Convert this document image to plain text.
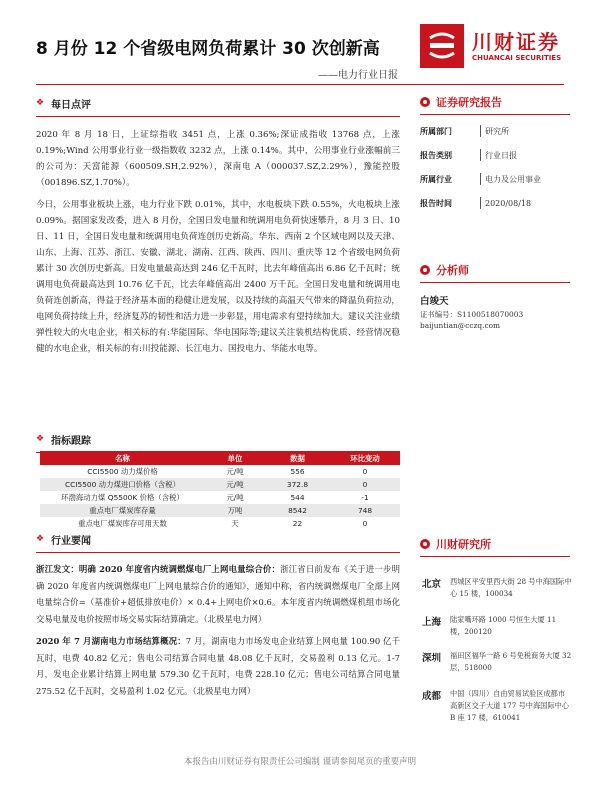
8 月份 12 个省级电网负荷累计 30 次创新高	川财证券
CHUANCAI SECURITIES
——电力行业日报
❖ 每日点评

2020 年 8 月 18 日，上证综指收 3451 点，上涨 0.36%;深证成指收 13768 点，上涨 0.19%;Wind 公用事业行业一级指数收 3232 点，上涨 0.14%。其中，公用事业行业涨幅前三的公司为：天富能源（600509.SH,2.92%），深南电 A（000037.SZ,2.29%），豫能控股（001896.SZ,1.70%）。

今日，公用事业板块上涨，电力行业下跌 0.01%，其中，水电板块下跌 0.55%，火电板块上涨 0.09%。据国家发改委，进入 8 月份，全国日发电量和统调用电负荷快速攀升，8 月 3 日、10 日、11 日，全国日发电量和统调用电负荷连创历史新高。华东、西南 2 个区域电网以及天津、山东、上海、江苏、浙江、安徽、湖北、湖南、江西、陕西、四川、重庆等 12 个省级电网负荷累计 30 次创历史新高。日发电量最高达到 246 亿千瓦时，比去年峰值高出 6.86 亿千瓦时；统调用电负荷最高达到 10.76 亿千瓦，比去年峰值高出 2400 万千瓦。全国日发电量和统调用电负荷连创新高，得益于经济基本面的稳健让进发展，以及持续的高温天气带来的降温负荷拉动，电网负荷持续上升，经济复苏的韧性和活力进一步彰显，用电需求有望持续加大。建议关注业绩弹性较大的火电企业，相关标的有:华能国际、华电国际等;建议关注装机结构优质、经营情况稳健的水电企业，相关标的有:川投能源、长江电力、国投电力、华能水电等。

❖ 指标跟踪
名称	单位	数据	环比变动
CCI5500 动力煤价格	元/吨	556	0
CCI5500 动力煤进口价格（含税）	元/吨	372.8	0
环渤海动力煤 Q5500K 价格（含税）	元/吨	544	-1
重点电厂煤炭库存量	万吨	8542	748
重点电厂煤炭库存可用天数	天	22	0
❖ 行业要闻

浙江发文：明确 2020 年度省内统调燃煤电厂上网电量综合价：浙江省日前发布《关于进一步明确 2020 年度省内统调燃煤电厂上网电量综合价的通知》，通知中称，省内统调燃煤电厂全部上网电量综合价=（基准价+超低排放电价）× 0.4+上网电价×0.6。本年度省内统调燃煤机组市场化交易电量及电价按照市场交易实际结算确定。（北极星电力网）

2020 年 7 月湖南电力市场结算概况：7 月，湖南电力市场发电企业结算上网电量 100.90 亿千瓦时，电费 40.82 亿元；售电公司结算合同电量 48.08 亿千瓦时，交易盈利 0.13 亿元。1-7 月，发电企业累计结算上网电量 579.30 亿千瓦时，电费 228.10 亿元；售电公司结算合同电量 275.52 亿千瓦时，交易盈利 1.02 亿元。（北极星电力网）

证券研究报告
所属部门	研究所
报告类别	行业日报
所属行业	电力及公用事业
报告时间	2020/08/18
分析师
白竣天
证书编号：S1100518070003
baijuntian@cczq.com
川财研究所
北京 西城区平安里西大街 28 号中海国际中心 15 楼，100034
上海 陆家嘴环路 1000 号恒生大厦 11 楼，200120
深圳 福田区福华一路 6 号免税商务大厦 32 层，518000
成都 中国（四川）自由贸易试验区成都市高新区交子大道 177 号中海国际中心 B 座 17 楼，610041
本报告由川财证券有限责任公司编制 谨请参阅尾页的重要声明
